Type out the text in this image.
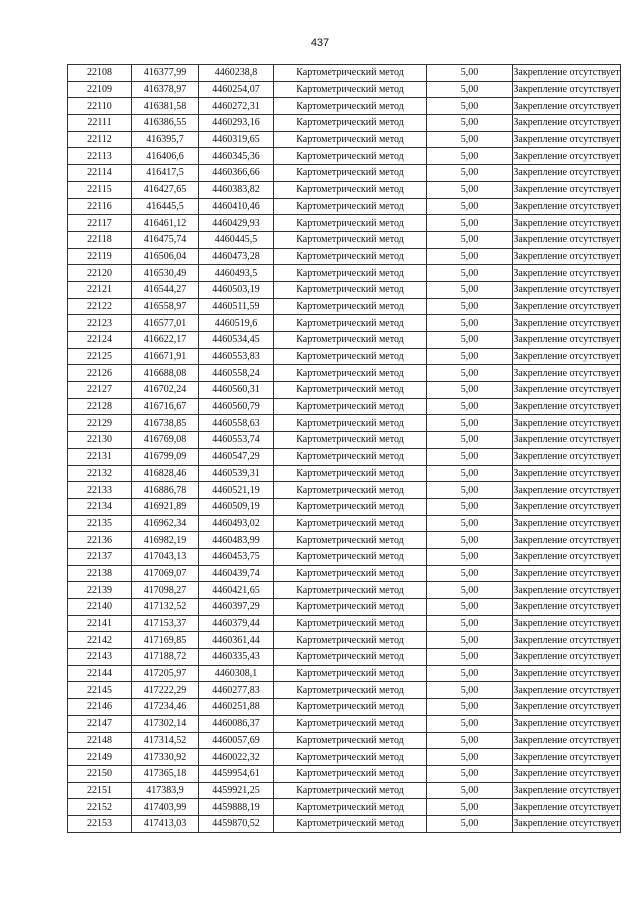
437
22108	416377,99	4460238,8	Картометрический метод	5,00	Закрепление отсутствует
22109	416378,97	4460254,07	Картометрический метод	5,00	Закрепление отсутствует
22110	416381,58	4460272,31	Картометрический метод	5,00	Закрепление отсутствует
22111	416386,55	4460293,16	Картометрический метод	5,00	Закрепление отсутствует
22112	416395,7	4460319,65	Картометрический метод	5,00	Закрепление отсутствует
22113	416406,6	4460345,36	Картометрический метод	5,00	Закрепление отсутствует
22114	416417,5	4460366,66	Картометрический метод	5,00	Закрепление отсутствует
22115	416427,65	4460383,82	Картометрический метод	5,00	Закрепление отсутствует
22116	416445,5	4460410,46	Картометрический метод	5,00	Закрепление отсутствует
22117	416461,12	4460429,93	Картометрический метод	5,00	Закрепление отсутствует
22118	416475,74	4460445,5	Картометрический метод	5,00	Закрепление отсутствует
22119	416506,04	4460473,28	Картометрический метод	5,00	Закрепление отсутствует
22120	416530,49	4460493,5	Картометрический метод	5,00	Закрепление отсутствует
22121	416544,27	4460503,19	Картометрический метод	5,00	Закрепление отсутствует
22122	416558,97	4460511,59	Картометрический метод	5,00	Закрепление отсутствует
22123	416577,01	4460519,6	Картометрический метод	5,00	Закрепление отсутствует
22124	416622,17	4460534,45	Картометрический метод	5,00	Закрепление отсутствует
22125	416671,91	4460553,83	Картометрический метод	5,00	Закрепление отсутствует
22126	416688,08	4460558,24	Картометрический метод	5,00	Закрепление отсутствует
22127	416702,24	4460560,31	Картометрический метод	5,00	Закрепление отсутствует
22128	416716,67	4460560,79	Картометрический метод	5,00	Закрепление отсутствует
22129	416738,85	4460558,63	Картометрический метод	5,00	Закрепление отсутствует
22130	416769,08	4460553,74	Картометрический метод	5,00	Закрепление отсутствует
22131	416799,09	4460547,29	Картометрический метод	5,00	Закрепление отсутствует
22132	416828,46	4460539,31	Картометрический метод	5,00	Закрепление отсутствует
22133	416886,78	4460521,19	Картометрический метод	5,00	Закрепление отсутствует
22134	416921,89	4460509,19	Картометрический метод	5,00	Закрепление отсутствует
22135	416962,34	4460493,02	Картометрический метод	5,00	Закрепление отсутствует
22136	416982,19	4460483,99	Картометрический метод	5,00	Закрепление отсутствует
22137	417043,13	4460453,75	Картометрический метод	5,00	Закрепление отсутствует
22138	417069,07	4460439,74	Картометрический метод	5,00	Закрепление отсутствует
22139	417098,27	4460421,65	Картометрический метод	5,00	Закрепление отсутствует
22140	417132,52	4460397,29	Картометрический метод	5,00	Закрепление отсутствует
22141	417153,37	4460379,44	Картометрический метод	5,00	Закрепление отсутствует
22142	417169,85	4460361,44	Картометрический метод	5,00	Закрепление отсутствует
22143	417188,72	4460335,43	Картометрический метод	5,00	Закрепление отсутствует
22144	417205,97	4460308,1	Картометрический метод	5,00	Закрепление отсутствует
22145	417222,29	4460277,83	Картометрический метод	5,00	Закрепление отсутствует
22146	417234,46	4460251,88	Картометрический метод	5,00	Закрепление отсутствует
22147	417302,14	4460086,37	Картометрический метод	5,00	Закрепление отсутствует
22148	417314,52	4460057,69	Картометрический метод	5,00	Закрепление отсутствует
22149	417330,92	4460022,32	Картометрический метод	5,00	Закрепление отсутствует
22150	417365,18	4459954,61	Картометрический метод	5,00	Закрепление отсутствует
22151	417383,9	4459921,25	Картометрический метод	5,00	Закрепление отсутствует
22152	417403,99	4459888,19	Картометрический метод	5,00	Закрепление отсутствует
22153	417413,03	4459870,52	Картометрический метод	5,00	Закрепление отсутствует
